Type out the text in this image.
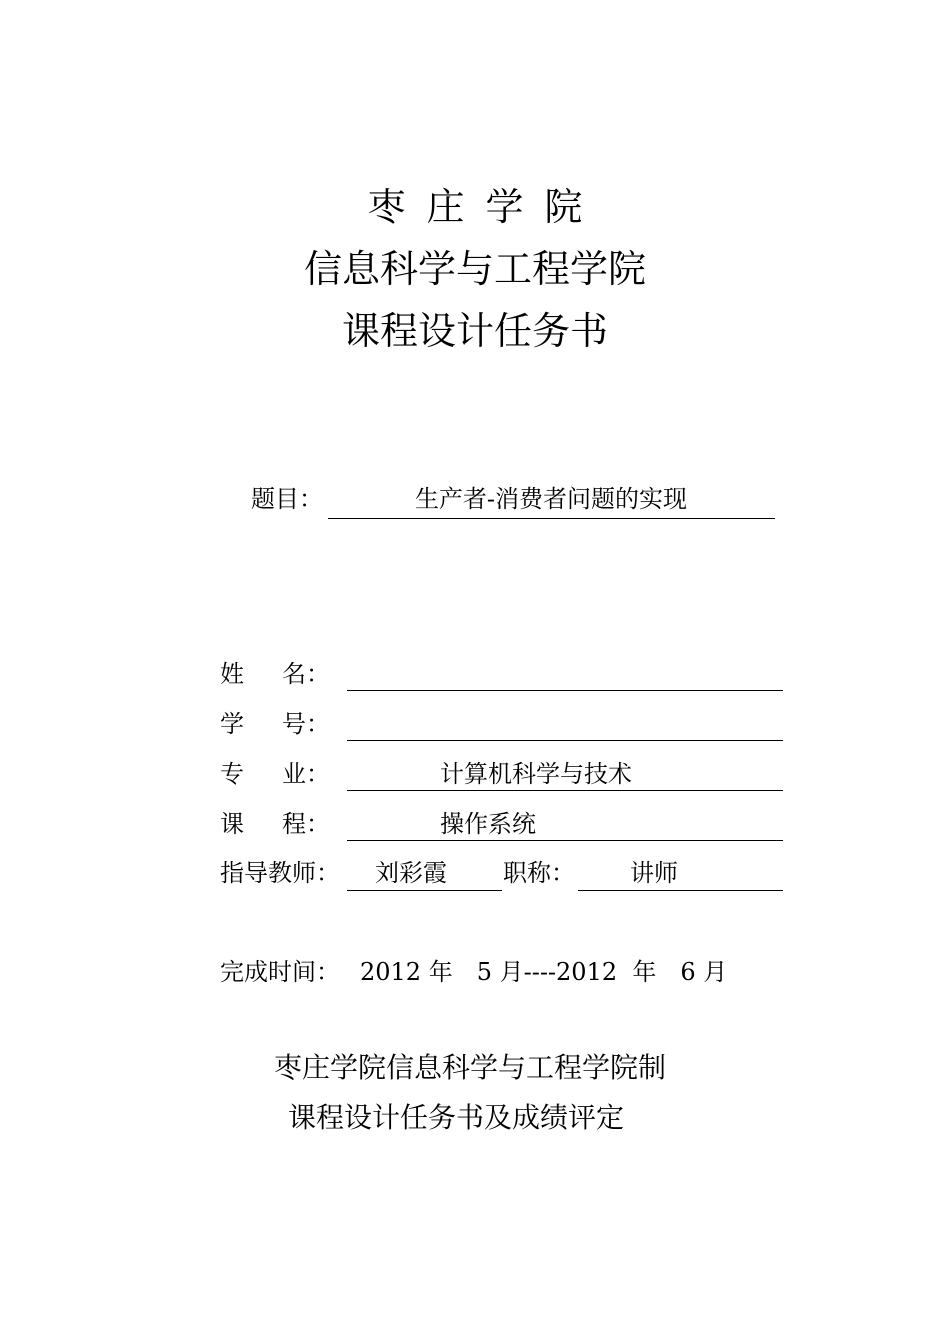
枣庄学院
信息科学与工程学院
课程设计任务书
题目：	生产者-消费者问题的实现
姓 名：
学 号：
专 业：	计算机科学与技术
课 程：	操作系统
指导教师： 刘彩霞 职称： 讲师
完成时间： 2012 年　5 月----2012  年　6 月
枣庄学院信息科学与工程学院制
课程设计任务书及成绩评定
